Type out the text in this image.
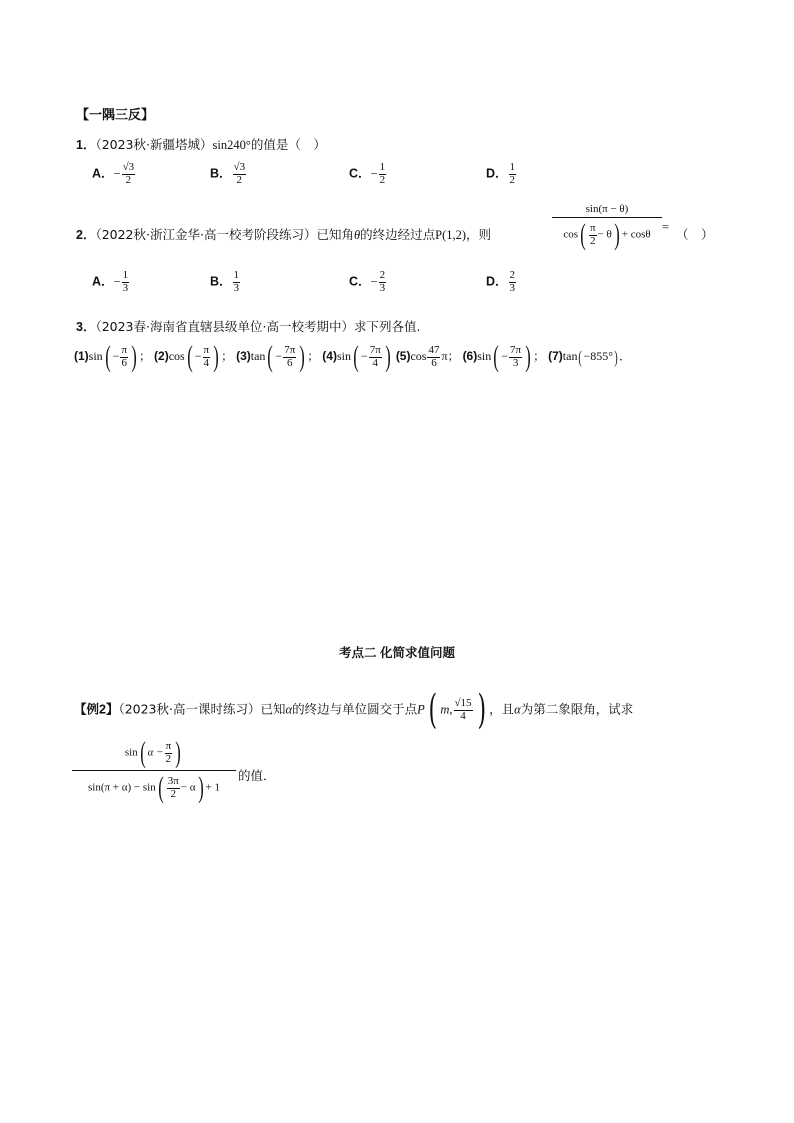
【一隅三反】
1．（2023秋·新疆塔城）sin240°的值是（　）
A．− $\frac{√3}{2}$	B． $\frac{√3}{2}$	C．− $\frac{1}{2}$	D． $\frac{1}{2}$
2．（2022秋·浙江金华·高一校考阶段练习）已知角θ的终边经过点P(1,2)，则	$\frac{\sin(\pi - \theta)}{\cos( \frac{\pi}{2} - \theta) + \cos\theta}$ = （　）
A．− $\frac{1}{3}$	B． $\frac{1}{3}$	C．− $\frac{2}{3}$	D． $\frac{2}{3}$
3．（2023春·海南省直辖县级单位·高一校考期中）求下列各值.
$(1)\sin( - \frac{\pi}{6}$ ) ； $(2)\cos( - \frac{\pi}{4}$ ) ； $(3)\tan( - \frac{7\pi}{6}$ ) ； $(4)\sin( - \frac{7\pi}{4}$ ) $(5)\cos \frac{47}{6}$ π； $(6)\sin( - \frac{7\pi}{3}$ ) ； (7)tan(−855°)．
考点二 化简求值问题
【例2】（2023秋·高一课时练习）已知α的终边与单位圆交于点P( m, $\frac{√15}{4}$ ) ，且α为第二象限角，试求
$\frac{\sin( \alpha - \frac{\pi}{2} )}{\sin(\pi + \alpha) - \sin( \frac{3\pi}{2} - \alpha) + 1}$ 的值．
